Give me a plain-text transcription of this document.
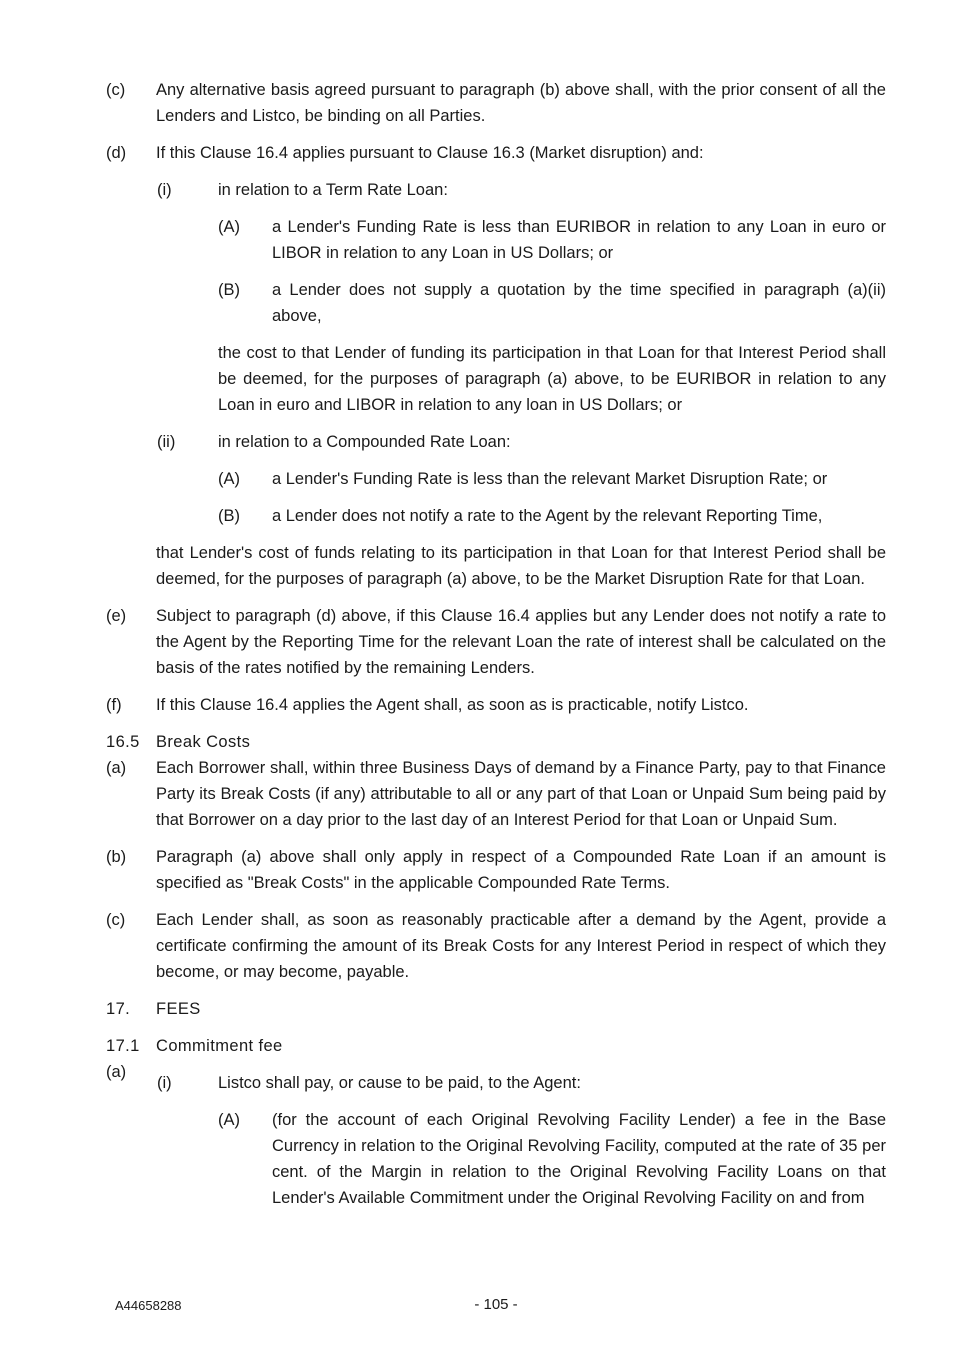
(c) Any alternative basis agreed pursuant to paragraph (b) above shall, with the prior consent of all the Lenders and Listco, be binding on all Parties.
(d) If this Clause 16.4 applies pursuant to Clause 16.3 (Market disruption) and:
(i)	in relation to a Term Rate Loan:
(A) a Lender's Funding Rate is less than EURIBOR in relation to any Loan in euro or LIBOR in relation to any Loan in US Dollars; or
(B) a Lender does not supply a quotation by the time specified in paragraph (a)(ii) above,
the cost to that Lender of funding its participation in that Loan for that Interest Period shall be deemed, for the purposes of paragraph (a) above, to be EURIBOR in relation to any Loan in euro and LIBOR in relation to any loan in US Dollars; or
(ii)	in relation to a Compounded Rate Loan:
(A) a Lender's Funding Rate is less than the relevant Market Disruption Rate; or
(B) a Lender does not notify a rate to the Agent by the relevant Reporting Time,
that Lender's cost of funds relating to its participation in that Loan for that Interest Period shall be deemed, for the purposes of paragraph (a) above, to be the Market Disruption Rate for that Loan.
(e) Subject to paragraph (d) above, if this Clause 16.4 applies but any Lender does not notify a rate to the Agent by the Reporting Time for the relevant Loan the rate of interest shall be calculated on the basis of the rates notified by the remaining Lenders.
(f) If this Clause 16.4 applies the Agent shall, as soon as is practicable, notify Listco.
16.5 Break Costs
(a) Each Borrower shall, within three Business Days of demand by a Finance Party, pay to that Finance Party its Break Costs (if any) attributable to all or any part of that Loan or Unpaid Sum being paid by that Borrower on a day prior to the last day of an Interest Period for that Loan or Unpaid Sum.
(b) Paragraph (a) above shall only apply in respect of a Compounded Rate Loan if an amount is specified as "Break Costs" in the applicable Compounded Rate Terms.
(c) Each Lender shall, as soon as reasonably practicable after a demand by the Agent, provide a certificate confirming the amount of its Break Costs for any Interest Period in respect of which they become, or may become, payable.
17. FEES
17.1 Commitment fee
(a)
(i)	Listco shall pay, or cause to be paid, to the Agent:
(A) (for the account of each Original Revolving Facility Lender) a fee in the Base Currency in relation to the Original Revolving Facility, computed at the rate of 35 per cent. of the Margin in relation to the Original Revolving Facility Loans on that Lender's Available Commitment under the Original Revolving Facility on and from
A44658288	- 105 -
